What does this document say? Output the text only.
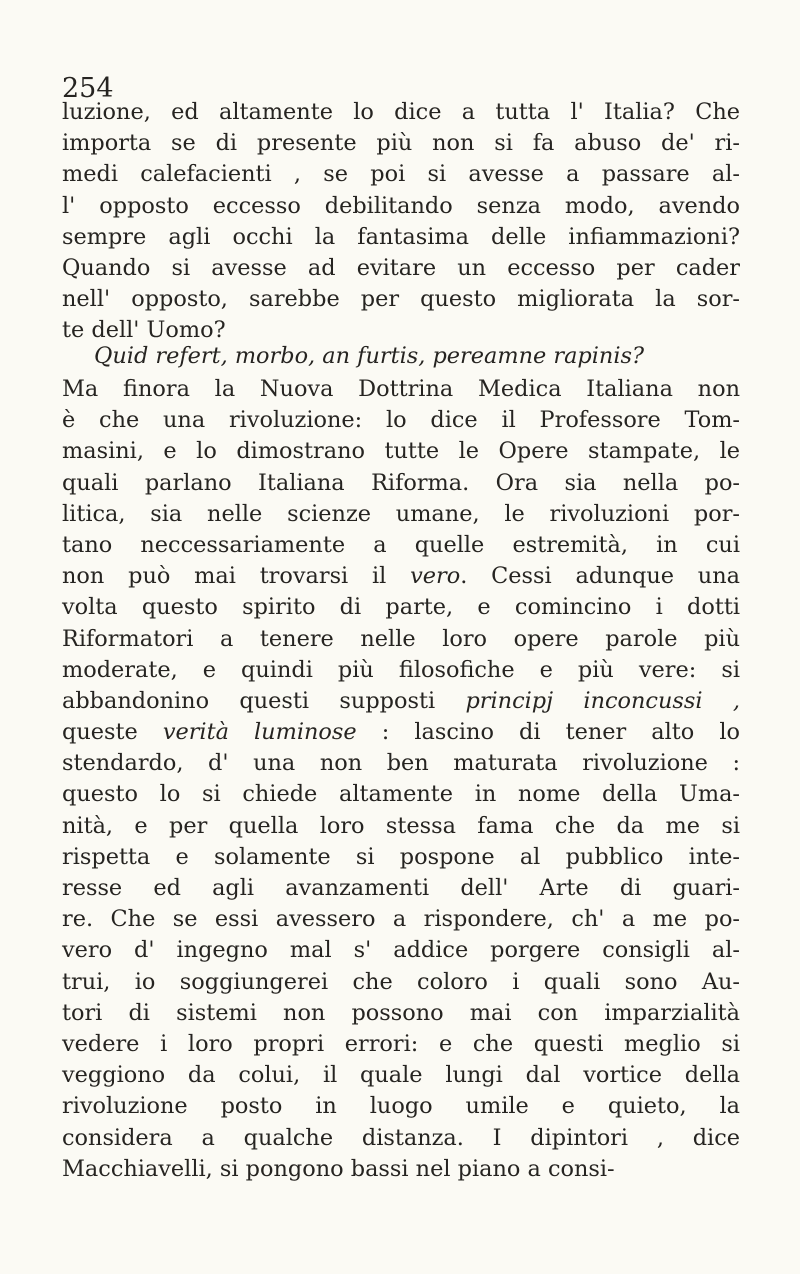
254
luzione, ed altamente lo dice a tutta l' Italia? Che
importa se di presente più non si fa abuso de' ri-
medi calefacienti , se poi si avesse a passare al-
l' opposto eccesso debilitando senza modo, avendo
sempre agli occhi la fantasima delle infiammazioni?
Quando si avesse ad evitare un eccesso per cader
nell' opposto, sarebbe per questo migliorata la sor-
te dell' Uomo?
Quid refert, morbo, an furtis, pereamne rapinis?
Ma finora la Nuova Dottrina Medica Italiana non
è che una rivoluzione: lo dice il Professore Tom-
masini, e lo dimostrano tutte le Opere stampate, le
quali parlano Italiana Riforma. Ora sia nella po-
litica, sia nelle scienze umane, le rivoluzioni por-
tano neccessariamente a quelle estremità, in cui
non può mai trovarsi il vero. Cessi adunque una
volta questo spirito di parte, e comincino i dotti
Riformatori a tenere nelle loro opere parole più
moderate, e quindi più filosofiche e più vere: si
abbandonino questi supposti principj inconcussi ,
queste verità luminose : lascino di tener alto lo
stendardo, d' una non ben maturata rivoluzione :
questo lo si chiede altamente in nome della Uma-
nità, e per quella loro stessa fama che da me si
rispetta e solamente si pospone al pubblico inte-
resse ed agli avanzamenti dell' Arte di guari-
re. Che se essi avessero a rispondere, ch' a me po-
vero d' ingegno mal s' addice porgere consigli al-
trui, io soggiungerei che coloro i quali sono Au-
tori di sistemi non possono mai con imparzialità
vedere i loro propri errori: e che questi meglio si
veggiono da colui, il quale lungi dal vortice della
rivoluzione posto in luogo umile e quieto, la
considera a qualche distanza. I dipintori , dice
Macchiavelli, si pongono bassi nel piano a consi-
